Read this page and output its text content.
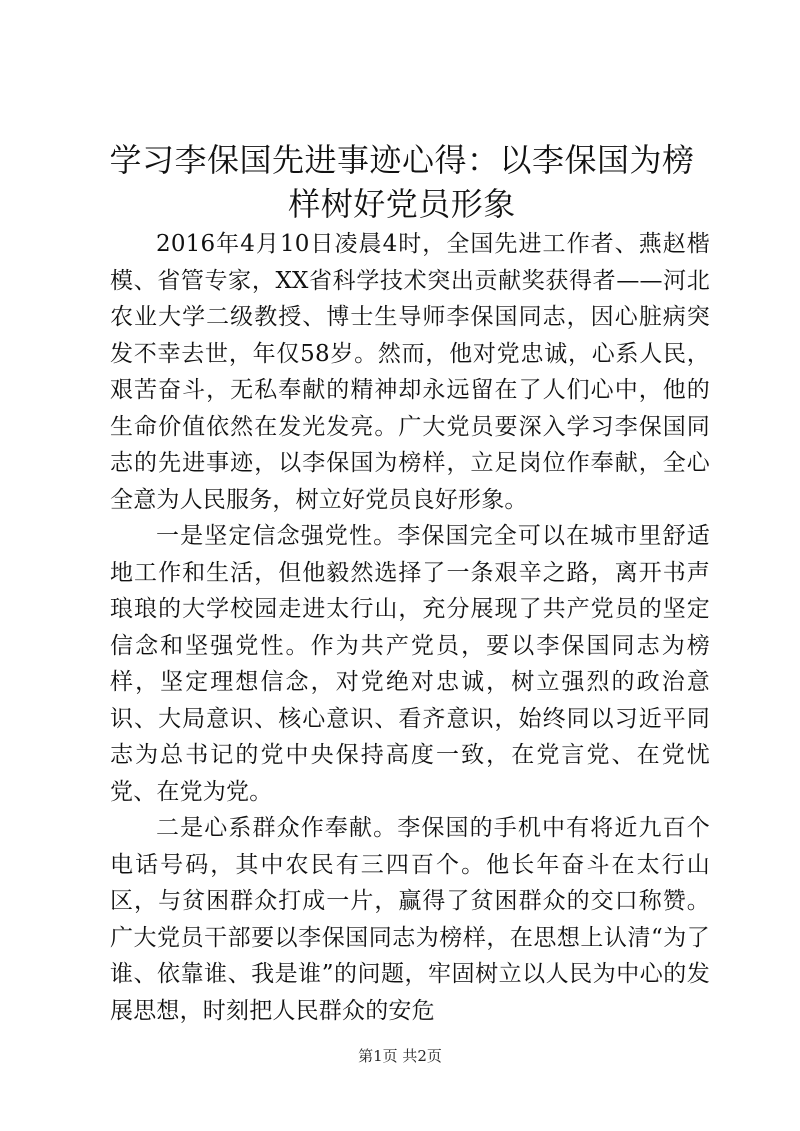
学习李保国先进事迹心得：以李保国为榜样树好党员形象

2016年4月10日凌晨4时，全国先进工作者、燕赵楷模、省管专家，XX省科学技术突出贡献奖获得者——河北农业大学二级教授、博士生导师李保国同志，因心脏病突发不幸去世，年仅58岁。然而，他对党忠诚，心系人民，艰苦奋斗，无私奉献的精神却永远留在了人们心中，他的生命价值依然在发光发亮。广大党员要深入学习李保国同志的先进事迹，以李保国为榜样，立足岗位作奉献，全心全意为人民服务，树立好党员良好形象。

一是坚定信念强党性。李保国完全可以在城市里舒适地工作和生活，但他毅然选择了一条艰辛之路，离开书声琅琅的大学校园走进太行山，充分展现了共产党员的坚定信念和坚强党性。作为共产党员，要以李保国同志为榜样，坚定理想信念，对党绝对忠诚，树立强烈的政治意识、大局意识、核心意识、看齐意识，始终同以习近平同志为总书记的党中央保持高度一致，在党言党、在党忧党、在党为党。

二是心系群众作奉献。李保国的手机中有将近九百个电话号码，其中农民有三四百个。他长年奋斗在太行山区，与贫困群众打成一片，赢得了贫困群众的交口称赞。广大党员干部要以李保国同志为榜样，在思想上认清“为了谁、依靠谁、我是谁”的问题，牢固树立以人民为中心的发展思想，时刻把人民群众的安危

第1页 共2页
